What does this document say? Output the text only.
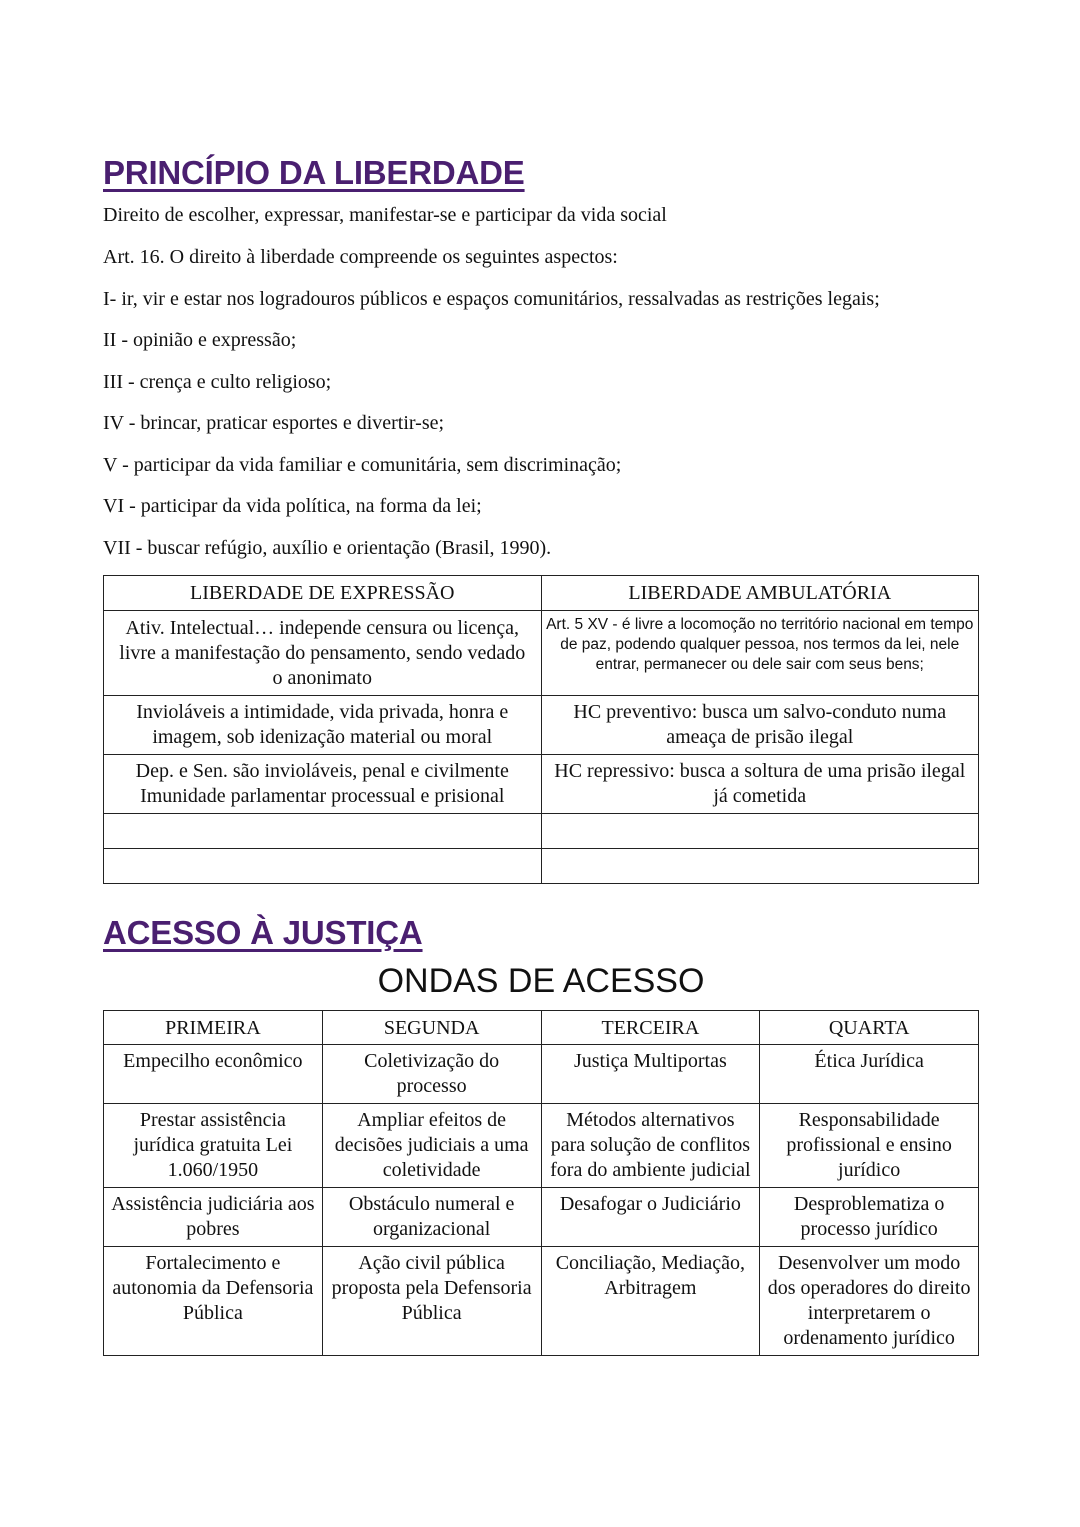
PRINCÍPIO DA LIBERDADE
Direito de escolher, expressar, manifestar-se e participar da vida social
Art. 16. O direito à liberdade compreende os seguintes aspectos:
I- ir, vir e estar nos logradouros públicos e espaços comunitários, ressalvadas as restrições legais;
II - opinião e expressão;
III - crença e culto religioso;
IV - brincar, praticar esportes e divertir-se;
V - participar da vida familiar e comunitária, sem discriminação;
VI - participar da vida política, na forma da lei;
VII - buscar refúgio, auxílio e orientação (Brasil, 1990).
LIBERDADE DE EXPRESSÃO	LIBERDADE AMBULATÓRIA
Ativ. Intelectual… independe censura ou licença, livre a manifestação do pensamento, sendo vedado o anonimato	Art. 5 XV - é livre a locomoção no território nacional em tempo de paz, podendo qualquer pessoa, nos termos da lei, nele entrar, permanecer ou dele sair com seus bens;
Invioláveis a intimidade, vida privada, honra e imagem, sob idenização material ou moral	HC preventivo: busca um salvo-conduto numa ameaça de prisão ilegal
Dep. e Sen. são invioláveis, penal e civilmente Imunidade parlamentar processual e prisional	HC repressivo: busca a soltura de uma prisão ilegal já cometida

ACESSO À JUSTIÇA
ONDAS DE ACESSO
PRIMEIRA	SEGUNDA	TERCEIRA	QUARTA
Empecilho econômico	Coletivização do processo	Justiça Multiportas	Ética Jurídica
Prestar assistência jurídica gratuita Lei 1.060/1950	Ampliar efeitos de decisões judiciais a uma coletividade	Métodos alternativos para solução de conflitos fora do ambiente judicial	Responsabilidade profissional e ensino jurídico
Assistência judiciária aos pobres	Obstáculo numeral e organizacional	Desafogar o Judiciário	Desproblematiza o processo jurídico
Fortalecimento e autonomia da Defensoria Pública	Ação civil pública proposta pela Defensoria Pública	Conciliação, Mediação, Arbitragem	Desenvolver um modo dos operadores do direito interpretarem o ordenamento jurídico
